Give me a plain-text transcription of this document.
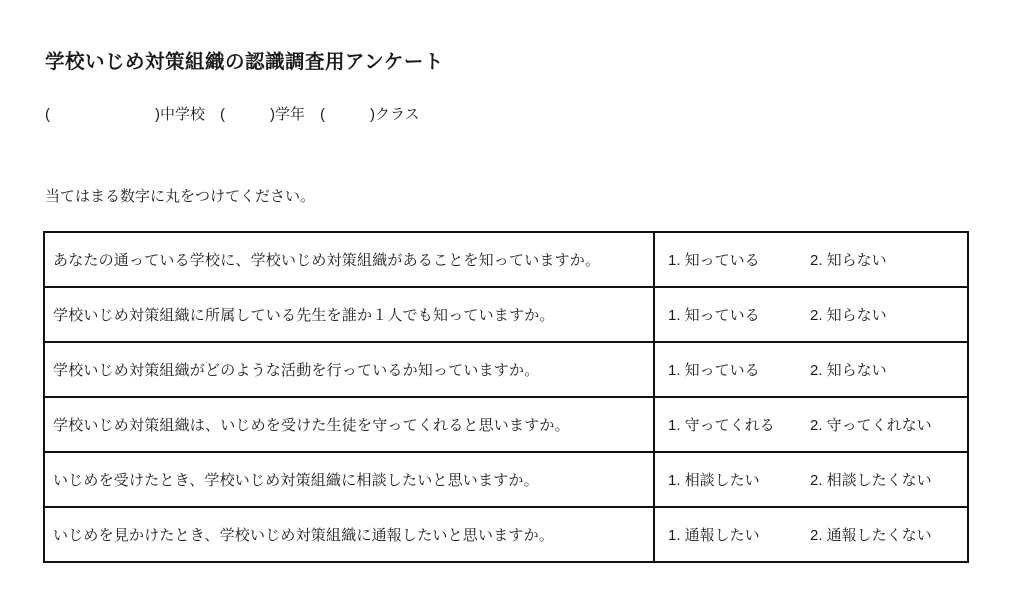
学校いじめ対策組織の認識調査用アンケート
(　　　　　　　)中学校　(　　　)学年　(　　　)クラス
当てはまる数字に丸をつけてください。
あなたの通っている学校に、学校いじめ対策組織があることを知っていますか。	1. 知っている 2. 知らない
学校いじめ対策組織に所属している先生を誰か１人でも知っていますか。	1. 知っている 2. 知らない
学校いじめ対策組織がどのような活動を行っているか知っていますか。	1. 知っている 2. 知らない
学校いじめ対策組織は、いじめを受けた生徒を守ってくれると思いますか。	1. 守ってくれる 2. 守ってくれない
いじめを受けたとき、学校いじめ対策組織に相談したいと思いますか。	1. 相談したい 2. 相談したくない
いじめを見かけたとき、学校いじめ対策組織に通報したいと思いますか。	1. 通報したい 2. 通報したくない
